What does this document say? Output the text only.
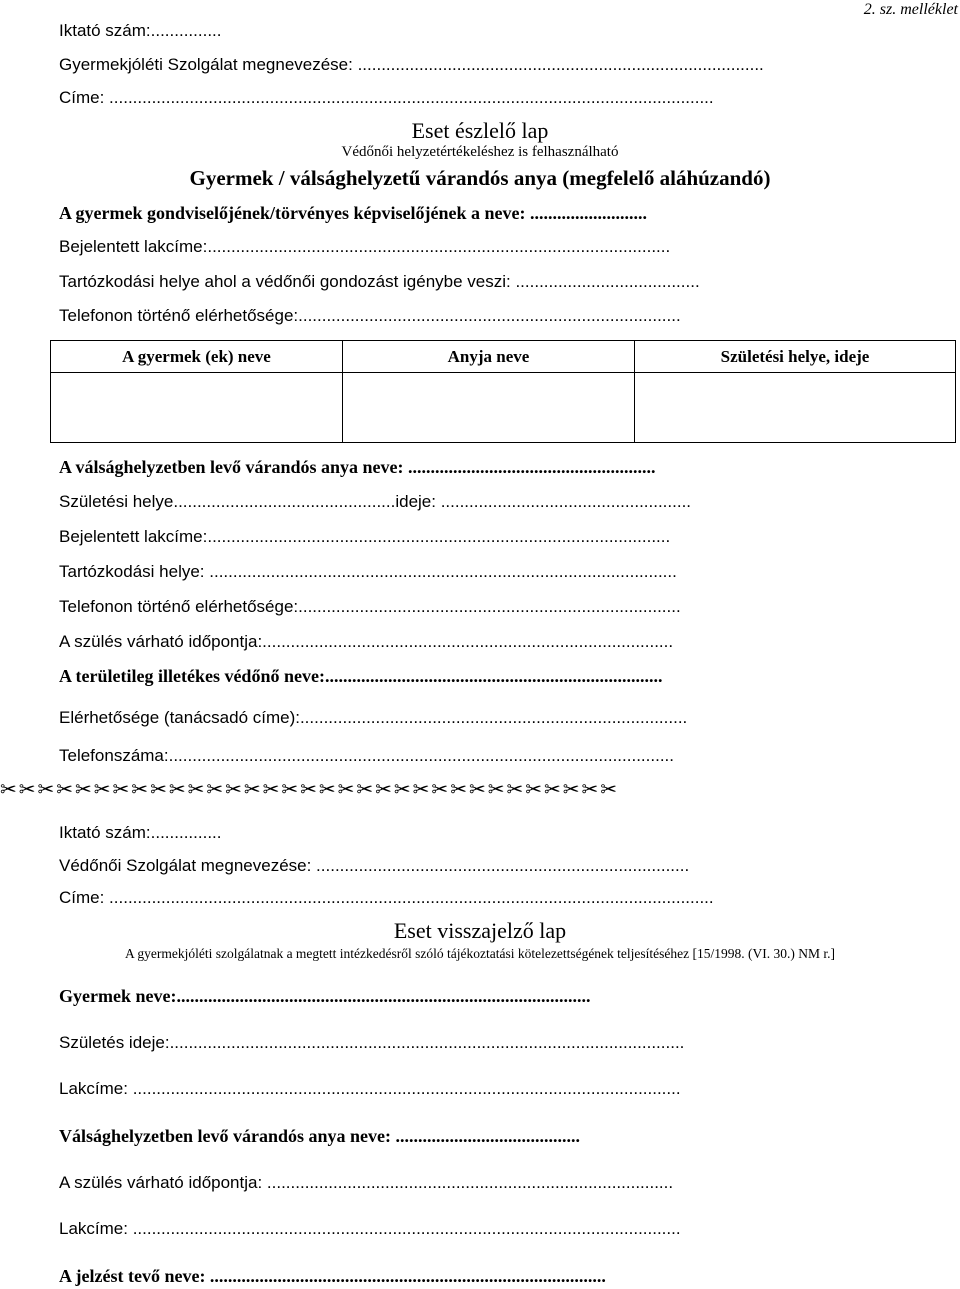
2. sz. melléklet
Iktató szám:...............
Gyermekjóléti Szolgálat megnevezése: ......................................................................................
Címe: ................................................................................................................................
Eset észlelő lap
Védőnői helyzetértékeléshez is felhasználható
Gyermek / válsághelyzetű várandós anya (megfelelő aláhúzandó)
A gyermek gondviselőjének/törvényes képviselőjének a neve: ..........................
Bejelentett lakcíme:..................................................................................................
Tartózkodási helye ahol a védőnői gondozást igénybe veszi: .......................................
Telefonon történő elérhetősége:.................................................................................
A gyermek (ek) neve	Anyja neve	Születési helye, ideje

A válsághelyzetben levő várandós anya neve: .......................................................
Születési helye...............................................ideje: .....................................................
Bejelentett lakcíme:..................................................................................................
Tartózkodási helye: ...................................................................................................
Telefonon történő elérhetősége:.................................................................................
A szülés várható időpontja:.......................................................................................
A területileg illetékes védőnő neve:...........................................................................
Elérhetősége (tanácsadó címe):..................................................................................
Telefonszáma:...........................................................................................................
✂✂✂✂✂✂✂✂✂✂✂✂✂✂✂✂✂✂✂✂✂✂✂✂✂✂✂✂✂✂✂✂✂
Iktató szám:...............
Védőnői Szolgálat megnevezése: ...............................................................................
Címe: ................................................................................................................................
Eset visszajelző lap
A gyermekjóléti szolgálatnak a megtett intézkedésről szóló tájékoztatási kötelezettségének teljesítéséhez [15/1998. (VI. 30.) NM r.]
Gyermek neve:............................................................................................
Születés ideje:.............................................................................................................
Lakcíme: ....................................................................................................................
Válsághelyzetben levő várandós anya neve: .........................................
A szülés várható időpontja: ......................................................................................
Lakcíme: ....................................................................................................................
A jelzést tevő neve: ........................................................................................
